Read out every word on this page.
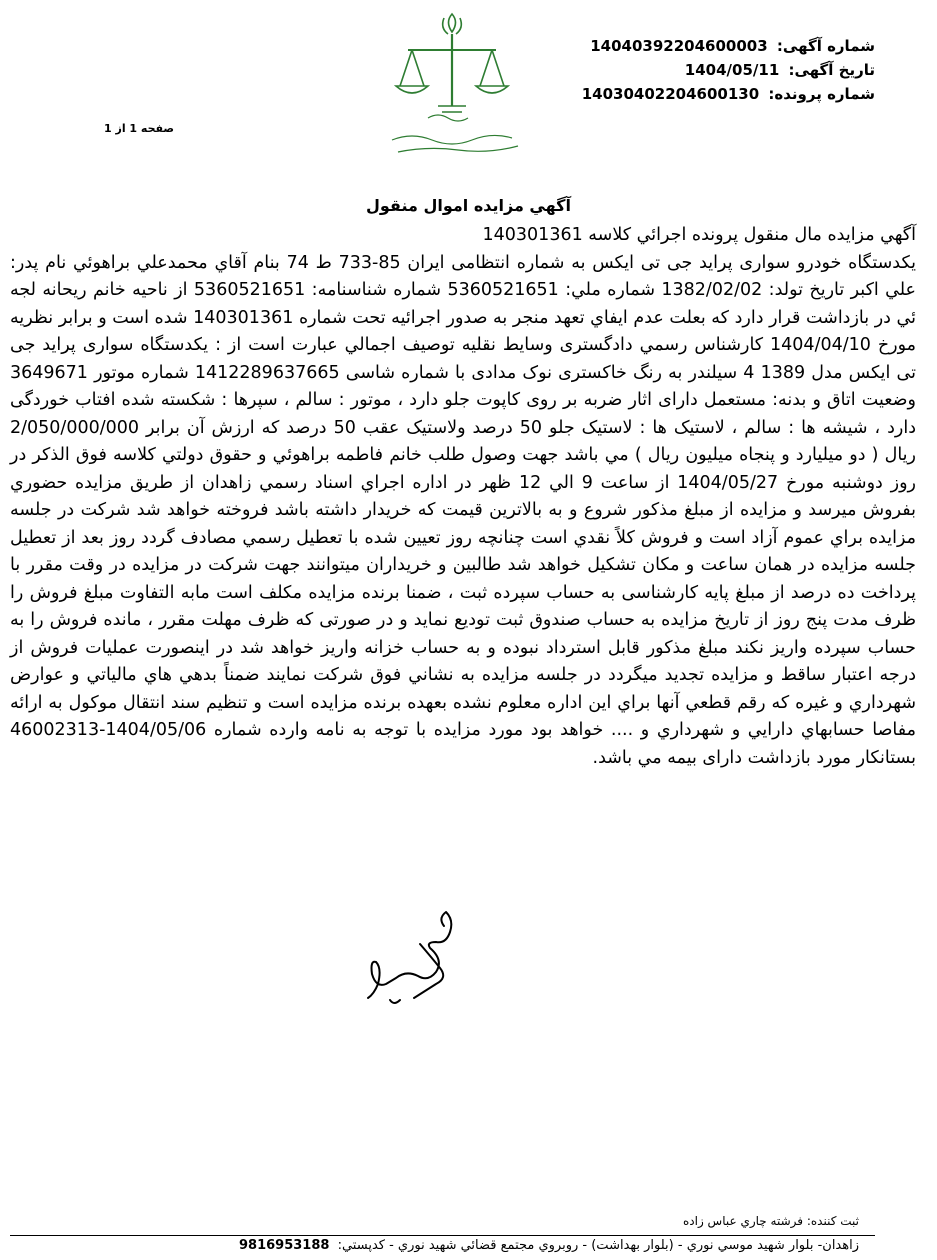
شماره آگهی: 14040392204600003
تاریخ آگهی: 1404/05/11
شماره پرونده: 14030402204600130
صفحه 1 از 1
آگهي مزايده اموال منقول
آگهي مزايده مال منقول پرونده اجرائي كلاسه 140301361
يكدستگاه خودرو سواری پراید جی تی ایکس به شماره انتظامی ایران 85-733 ط 74 بنام آقاي محمدعلي براهوئي نام پدر: علي اكبر تاريخ تولد: 1382/02/02 شماره ملي: 5360521651 شماره شناسنامه: 5360521651 از ناحيه خانم ريحانه لجه ئي در بازداشت قرار دارد كه بعلت عدم ايفاي تعهد منجر به صدور اجرائيه تحت شماره 140301361 شده است و برابر نظريه مورخ 1404/04/10 كارشناس رسمي دادگستری وسايط نقليه توصيف اجمالي عبارت است از : يكدستگاه سواری پراید جی تی ایکس مدل 1389 4 سیلندر به رنگ خاکستری نوک مدادی با شماره شاسی 1412289637665 شماره موتور 3649671 وضعیت اتاق و بدنه: مستعمل دارای اثار ضربه بر روی کاپوت جلو دارد ، موتور : سالم ، سپرها : شکسته شده افتاب خوردگی دارد ، شیشه ها : سالم ، لاستیک ها : لاستیک جلو 50 درصد ولاستیک عقب 50 درصد كه ارزش آن برابر 2/050/000/000 ريال ( دو میلیارد و پنجاه میلیون ریال ) مي باشد جهت وصول طلب خانم فاطمه براهوئي و حقوق دولتي كلاسه فوق الذكر در روز دوشنبه مورخ 1404/05/27 از ساعت 9 الي 12 ظهر در اداره اجراي اسناد رسمي زاهدان از طريق مزايده حضوري بفروش ميرسد و مزايده از مبلغ مذكور شروع و به بالاترين قيمت كه خريدار داشته باشد فروخته خواهد شد شركت در جلسه مزايده براي عموم آزاد است و فروش كلاً نقدي است چنانچه روز تعيين شده با تعطيل رسمي مصادف گردد روز بعد از تعطيل جلسه مزايده در همان ساعت و مكان تشكيل خواهد شد طالبين و خريداران ميتوانند جهت شركت در مزايده در وقت مقرر با پرداخت ده درصد از مبلغ پايه كارشناسی به حساب سپرده ثبت ، ضمنا برنده مزايده مكلف است مابه التفاوت مبلغ فروش را ظرف مدت پنج روز از تاريخ مزايده به حساب صندوق ثبت توديع نمايد و در صورتی كه ظرف مهلت مقرر ، مانده فروش را به حساب سپرده واريز نكند مبلغ مذكور قابل استرداد نبوده و به حساب خزانه واريز خواهد شد در اينصورت عمليات فروش از درجه اعتبار ساقط و مزايده تجديد ميگردد در جلسه مزايده به نشاني فوق شركت نمايند ضمناً بدهي هاي مالياتي و عوارض شهرداري و غيره كه رقم قطعي آنها براي اين اداره معلوم نشده بعهده برنده مزايده است و تنظيم سند انتقال موكول به ارائه مفاصا حسابهاي دارايي و شهرداري و .... خواهد بود مورد مزايده با توجه به نامه وارده شماره 1404/05/06-46002313 بستانكار مورد بازداشت دارای بیمه مي باشد.
ثبت کننده: فرشته چاري عباس زاده
زاهدان- بلوار شهيد موسي نوري - (بلوار بهداشت) - روبروي مجتمع قضائي شهيد نوري - كدپستي: 9816953188
